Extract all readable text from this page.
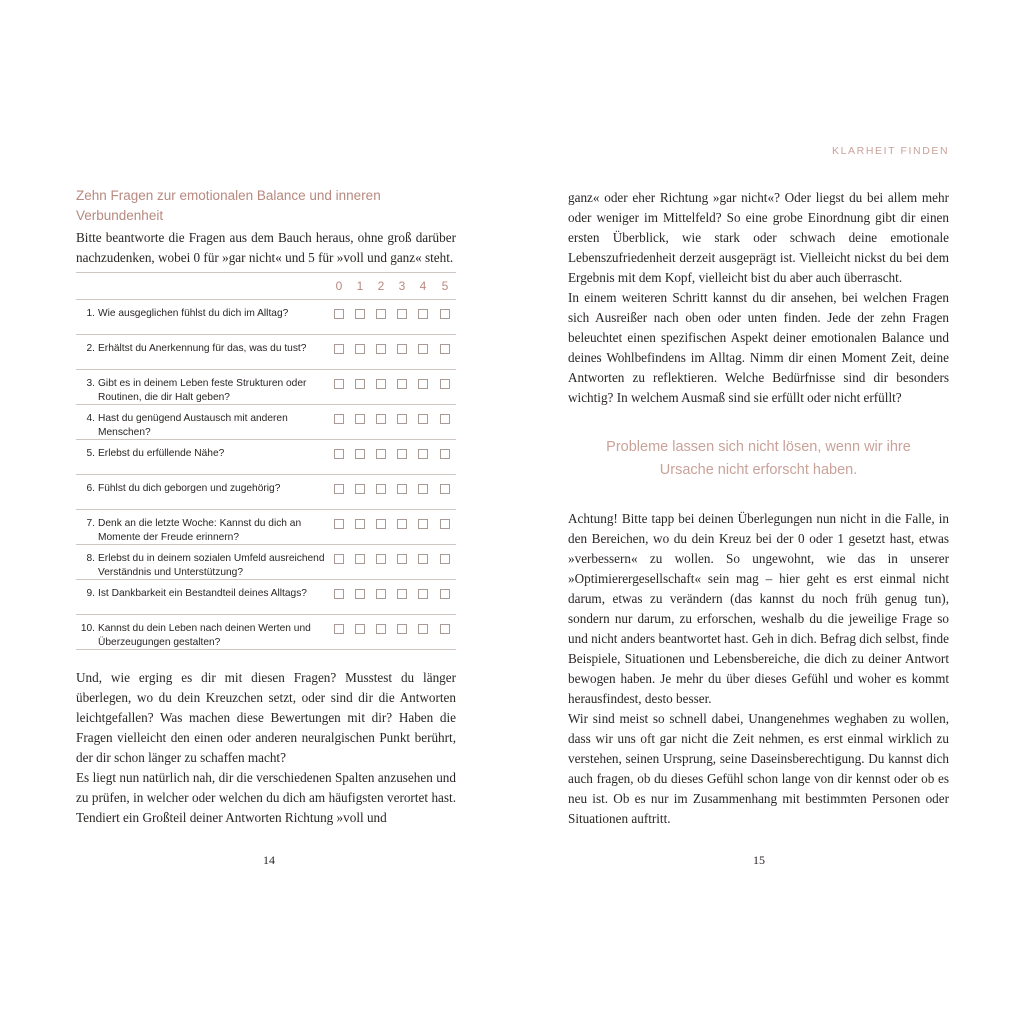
Zehn Fragen zur emotionalen Balance und inneren Verbundenheit
Bitte beantworte die Fragen aus dem Bauch heraus, ohne groß darüber nachzudenken, wobei 0 für »gar nicht« und 5 für »voll und ganz« steht.
0 1 2 3 4 5
1. Wie ausgeglichen fühlst du dich im Alltag?
2. Erhältst du Anerkennung für das, was du tust?
3. Gibt es in deinem Leben feste Strukturen oder Routinen, die dir Halt geben?
4. Hast du genügend Austausch mit anderen Menschen?
5. Erlebst du erfüllende Nähe?
6. Fühlst du dich geborgen und zugehörig?
7. Denk an die letzte Woche: Kannst du dich an Momente der Freude erinnern?
8. Erlebst du in deinem sozialen Umfeld ausreichend Verständnis und Unterstützung?
9. Ist Dankbarkeit ein Bestandteil deines Alltags?
10. Kannst du dein Leben nach deinen Werten und Überzeugungen gestalten?

Und, wie erging es dir mit diesen Fragen? Musstest du länger überlegen, wo du dein Kreuzchen setzt, oder sind dir die Antworten leichtgefallen? Was machen diese Bewertungen mit dir? Haben die Fragen vielleicht den einen oder anderen neuralgischen Punkt berührt, der dir schon länger zu schaffen macht?

Es liegt nun natürlich nah, dir die verschiedenen Spalten anzusehen und zu prüfen, in welcher oder welchen du dich am häufigsten verortet hast. Tendiert ein Großteil deiner Antworten Richtung »voll und

14
KLARHEIT FINDEN

ganz« oder eher Richtung »gar nicht«? Oder liegst du bei allem mehr oder weniger im Mittelfeld? So eine grobe Einordnung gibt dir einen ersten Überblick, wie stark oder schwach deine emotionale Lebenszufriedenheit derzeit ausgeprägt ist. Vielleicht nickst du bei dem Ergebnis mit dem Kopf, vielleicht bist du aber auch überrascht.

In einem weiteren Schritt kannst du dir ansehen, bei welchen Fragen sich Ausreißer nach oben oder unten finden. Jede der zehn Fragen beleuchtet einen spezifischen Aspekt deiner emotionalen Balance und deines Wohlbefindens im Alltag. Nimm dir einen Moment Zeit, deine Antworten zu reflektieren. Welche Bedürfnisse sind dir besonders wichtig? In welchem Ausmaß sind sie erfüllt oder nicht erfüllt?

Probleme lassen sich nicht lösen, wenn wir ihre Ursache nicht erforscht haben.

Achtung! Bitte tapp bei deinen Überlegungen nun nicht in die Falle, in den Bereichen, wo du dein Kreuz bei der 0 oder 1 gesetzt hast, etwas »verbessern« zu wollen. So ungewohnt, wie das in unserer »Optimierergesellschaft« sein mag – hier geht es erst einmal nicht darum, etwas zu verändern (das kannst du noch früh genug tun), sondern nur darum, zu erforschen, weshalb du die jeweilige Frage so und nicht anders beantwortet hast. Geh in dich. Befrag dich selbst, finde Beispiele, Situationen und Lebensbereiche, die dich zu deiner Antwort bewogen haben. Je mehr du über dieses Gefühl und woher es kommt herausfindest, desto besser.

Wir sind meist so schnell dabei, Unangenehmes weghaben zu wollen, dass wir uns oft gar nicht die Zeit nehmen, es erst einmal wirklich zu verstehen, seinen Ursprung, seine Daseinsberechtigung. Du kannst dich auch fragen, ob du dieses Gefühl schon lange von dir kennst oder ob es neu ist. Ob es nur im Zusammenhang mit bestimmten Personen oder Situationen auftritt.

15
